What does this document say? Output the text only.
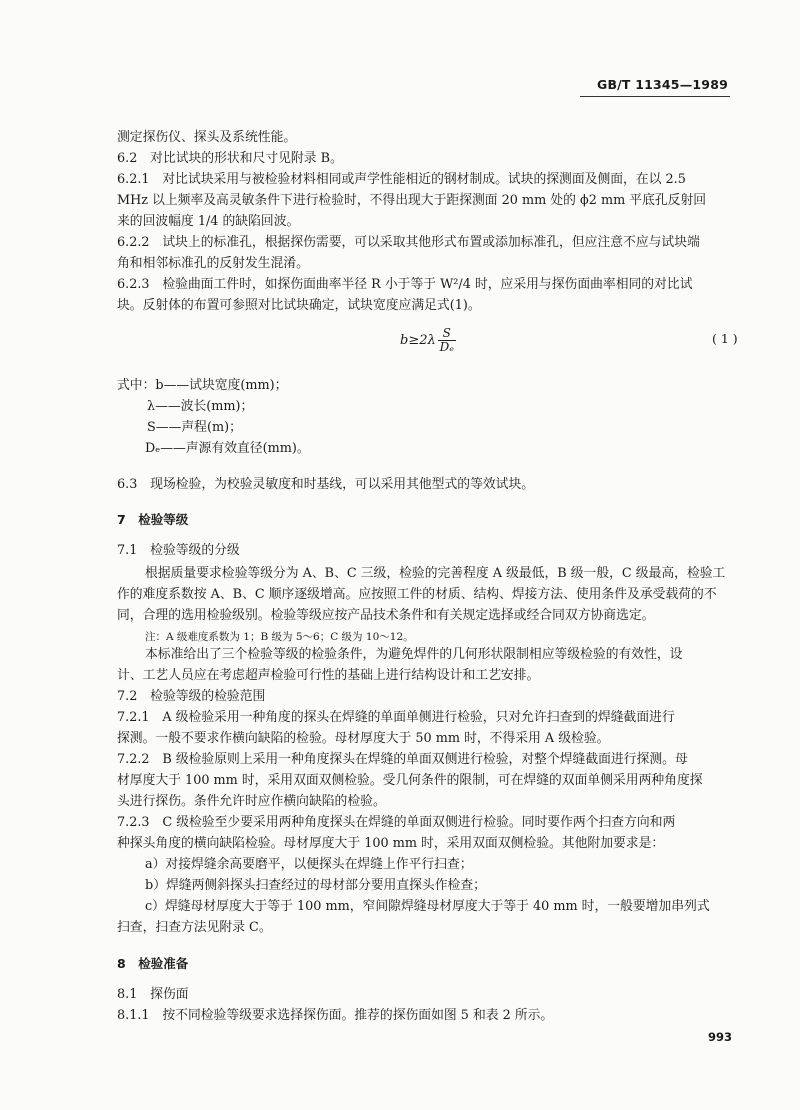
GB/T 11345—1989
测定探伤仪、探头及系统性能。
6.2　对比试块的形状和尺寸见附录 B。
6.2.1　对比试块采用与被检验材料相同或声学性能相近的钢材制成。试块的探测面及侧面，在以 2.5
MHz 以上频率及高灵敏条件下进行检验时，不得出现大于距探测面 20 mm 处的 ϕ2 mm 平底孔反射回
来的回波幅度 1/4 的缺陷回波。
6.2.2　试块上的标准孔，根据探伤需要，可以采取其他形式布置或添加标准孔，但应注意不应与试块端
角和相邻标准孔的反射发生混淆。
6.2.3　检验曲面工件时，如探伤面曲率半径 R 小于等于 W²/4 时，应采用与探伤面曲率相同的对比试
块。反射体的布置可参照对比试块确定，试块宽度应满足式(1)。
$b\ge 2\lambda \frac{S}{\text{Dₑ}}$	( 1 )
式中：b——试块宽度(mm)；
λ——波长(mm)；
S——声程(m)；
Dₑ——声源有效直径(mm)。
6.3　现场检验，为校验灵敏度和时基线，可以采用其他型式的等效试块。
7　检验等级
7.1　检验等级的分级
根据质量要求检验等级分为 A、B、C 三级，检验的完善程度 A 级最低，B 级一般，C 级最高，检验工
作的难度系数按 A、B、C 顺序逐级增高。应按照工件的材质、结构、焊接方法、使用条件及承受载荷的不
同，合理的选用检验级别。检验等级应按产品技术条件和有关规定选择或经合同双方协商选定。
注：A 级难度系数为 1；B 级为 5～6；C 级为 10～12。
本标准给出了三个检验等级的检验条件，为避免焊件的几何形状限制相应等级检验的有效性，设
计、工艺人员应在考虑超声检验可行性的基础上进行结构设计和工艺安排。
7.2　检验等级的检验范围
7.2.1　A 级检验采用一种角度的探头在焊缝的单面单侧进行检验，只对允许扫查到的焊缝截面进行
探测。一般不要求作横向缺陷的检验。母材厚度大于 50 mm 时，不得采用 A 级检验。
7.2.2　B 级检验原则上采用一种角度探头在焊缝的单面双侧进行检验，对整个焊缝截面进行探测。母
材厚度大于 100 mm 时，采用双面双侧检验。受几何条件的限制，可在焊缝的双面单侧采用两种角度探
头进行探伤。条件允许时应作横向缺陷的检验。
7.2.3　C 级检验至少要采用两种角度探头在焊缝的单面双侧进行检验。同时要作两个扫查方向和两
种探头角度的横向缺陷检验。母材厚度大于 100 mm 时，采用双面双侧检验。其他附加要求是：
a）对接焊缝余高要磨平，以便探头在焊缝上作平行扫查；
b）焊缝两侧斜探头扫查经过的母材部分要用直探头作检查；
c）焊缝母材厚度大于等于 100 mm，窄间隙焊缝母材厚度大于等于 40 mm 时，一般要增加串列式
扫查，扫查方法见附录 C。
8　检验准备
8.1　探伤面
8.1.1　按不同检验等级要求选择探伤面。推荐的探伤面如图 5 和表 2 所示。
993
